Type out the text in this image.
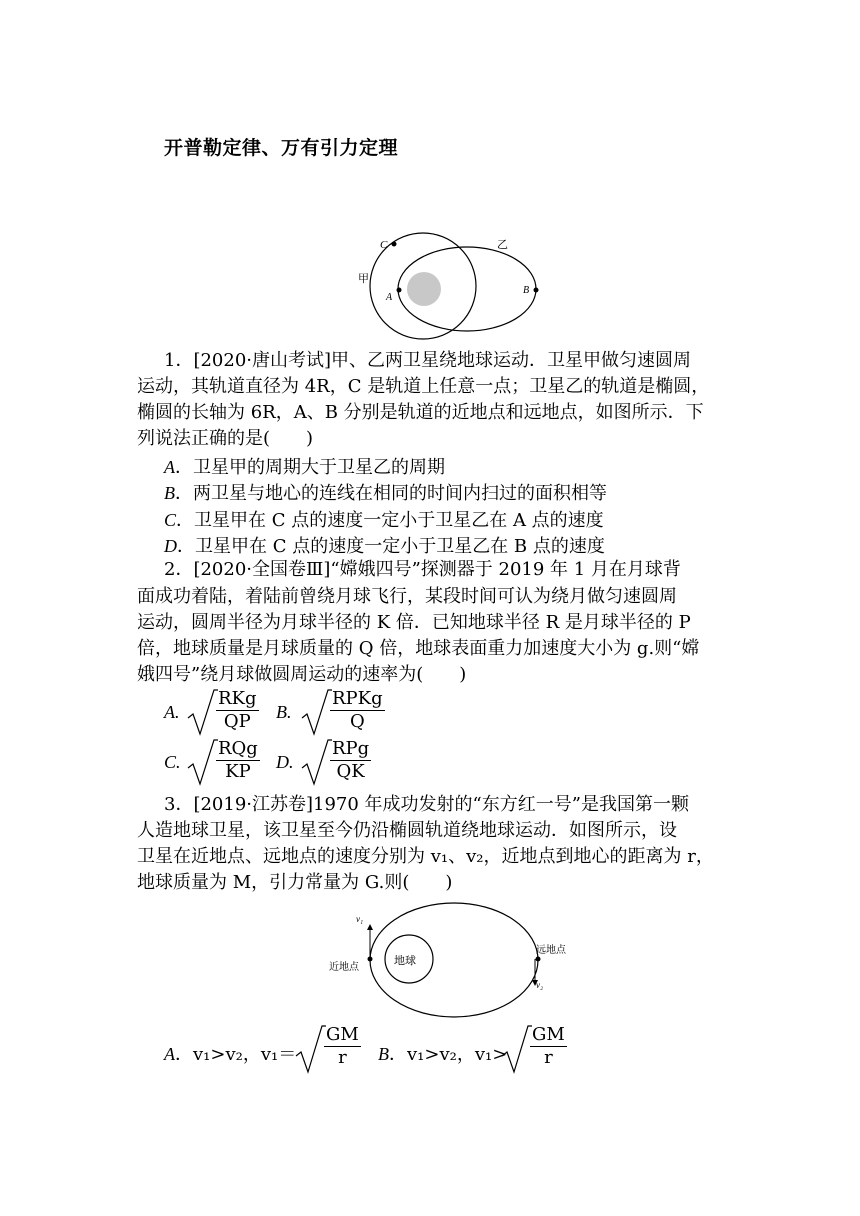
开普勒定律、万有引力定理
C
A
B
甲
乙
1．[2020·唐山考试]甲、乙两卫星绕地球运动．卫星甲做匀速圆周
运动，其轨道直径为 4R，C 是轨道上任意一点；卫星乙的轨道是椭圆，
椭圆的长轴为 6R，A、B 分别是轨道的近地点和远地点，如图所示．下
列说法正确的是(　　)
A．卫星甲的周期大于卫星乙的周期
B．两卫星与地心的连线在相同的时间内扫过的面积相等
C．卫星甲在 C 点的速度一定小于卫星乙在 A 点的速度
D．卫星甲在 C 点的速度一定小于卫星乙在 B 点的速度
2．[2020·全国卷Ⅲ]“嫦娥四号”探测器于 2019 年 1 月在月球背
面成功着陆，着陆前曾绕月球飞行，某段时间可认为绕月做匀速圆周
运动，圆周半径为月球半径的 K 倍．已知地球半径 R 是月球半径的 P
倍，地球质量是月球质量的 Q 倍，地球表面重力加速度大小为 g.则“嫦
娥四号”绕月球做圆周运动的速率为(　　)
A.
RKg
QP B.
RPKg
Q
C.
RQg
KP D.
RPg
QK
3．[2019·江苏卷]1970 年成功发射的“东方红一号”是我国第一颗
人造地球卫星，该卫星至今仍沿椭圆轨道绕地球运动．如图所示，设
卫星在近地点、远地点的速度分别为 v₁、v₂，近地点到地心的距离为 r，
地球质量为 M，引力常量为 G.则(　　)
地球
近地点
远地点
v₁
v₂
A．v₁>v₂，$v_1= \frac{GM}{r}$ B．v₁>v₂，$v_1> \frac{GM}{r}$
